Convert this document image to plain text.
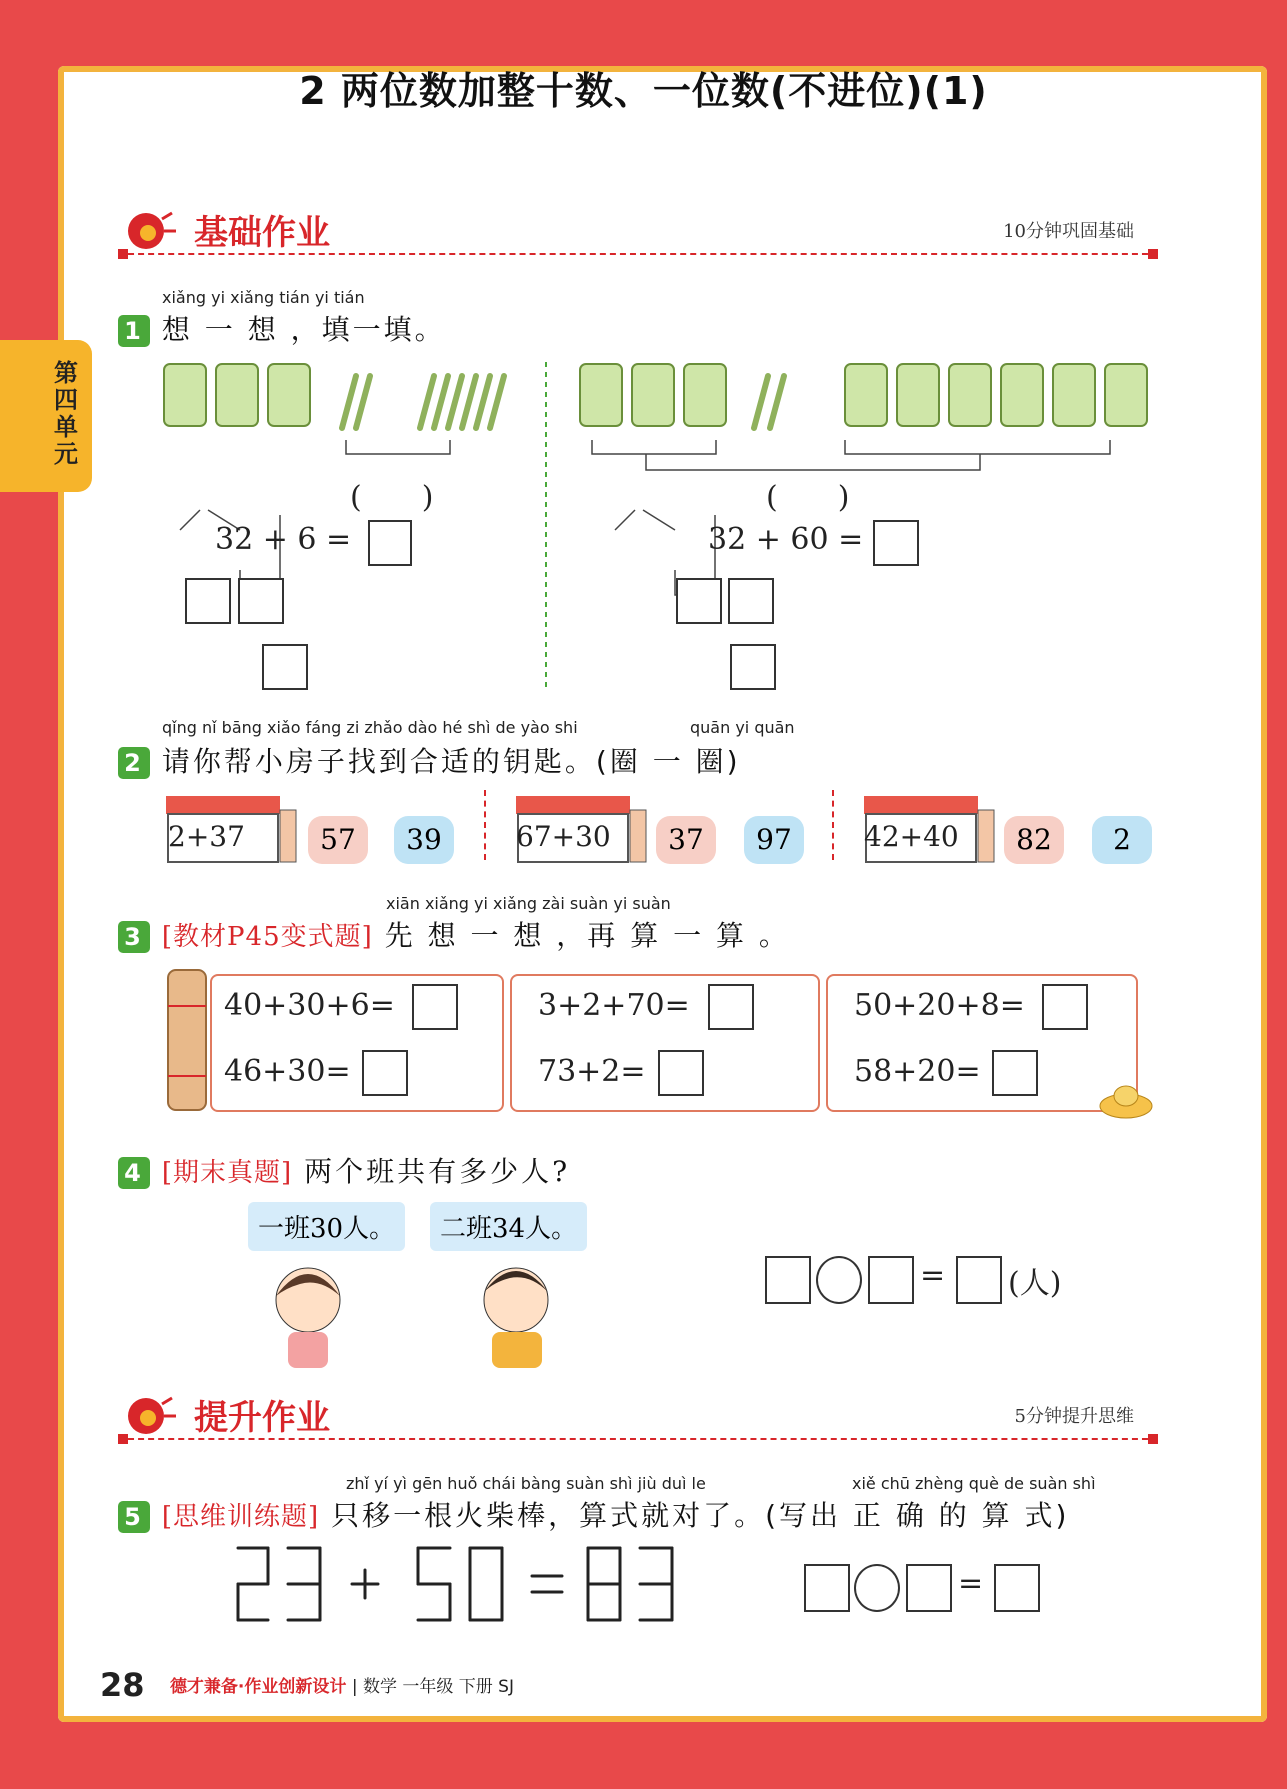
第四单元
2 两位数加整十数、一位数(不进位)(1)
基础作业	10分钟巩固基础
xiǎng yi xiǎng tián yi tián
1 想 一 想 ，填一填。
(　　)
32 + 6 =
(　　)
32 + 60 =
qǐng nǐ bāng xiǎo fáng zi zhǎo dào hé shì de yào shi	quān yi quān
2 请你帮小房子找到合适的钥匙。(圈 一 圈)
2+37	57	39	67+30	37	97	42+40	82	2
xiān xiǎng yi xiǎng zài suàn yi suàn
3 [教材P45变式题] 先 想 一 想 ，再 算 一 算 。
40+30+6=
46+30=
3+2+70=
73+2=
50+20+8=
58+20=
4 [期末真题] 两个班共有多少人?
一班30人。	二班34人。
= (人)
提升作业	5分钟提升思维
zhǐ yí yì gēn huǒ chái bàng suàn shì jiù duì le	xiě chū zhèng què de suàn shì
5 [思维训练题] 只移一根火柴棒，算式就对了。(写出 正 确 的 算 式)
=
28 德才兼备·作业创新设计 | 数学 一年级 下册 SJ
